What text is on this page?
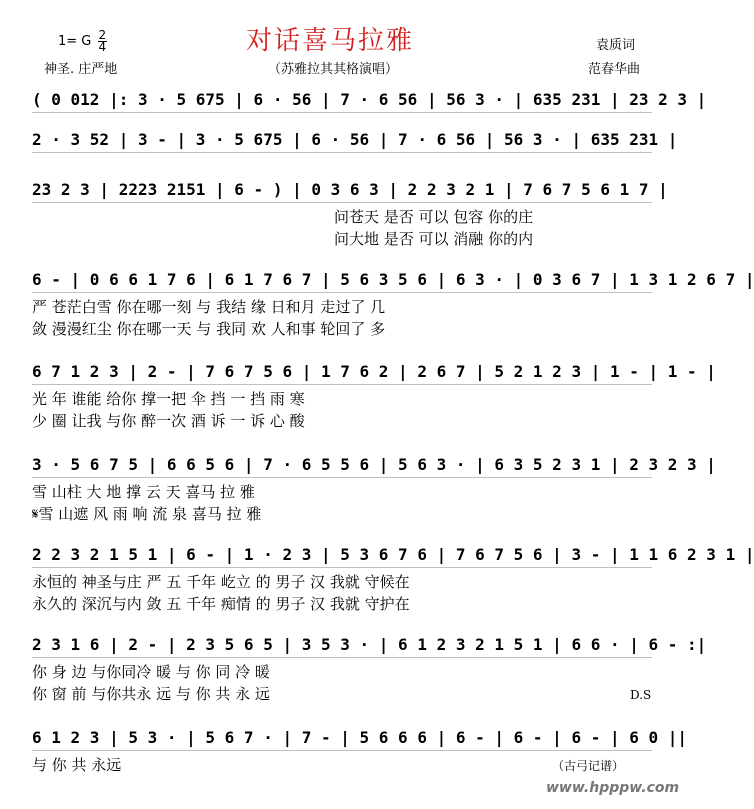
1= G $\frac{2}{4}$	对话喜马拉雅	袁质词
神圣. 庄严地	（苏雅拉其其格演唱）	范春华曲
( 0 012 |: 3 · 5 675 | 6 · 56 | 7 · 6 56 | 56 3 · | 635 231 | 23 2 3 |
2 · 3 52 | 3 - | 3 · 5 675 | 6 · 56 | 7 · 6 56 | 56 3 · | 635 231 |
23 2 3 | 2223 2151 | 6 - ) | 0 3 6 3 | 2 2 3 2 1 | 7 6 7 5 6 1 7 |
问苍天 是否 可以 包容 你的庄
问大地 是否 可以 消融 你的内
6 - | 0 6 6 1 7 6 | 6 1 7 6 7 | 5 6 3 5 6 | 6 3 · | 0 3 6 7 | 1 3 1 2 6 7 |
严 苍茫白雪 你在哪一刻 与 我结 缘 日和月 走过了 几
敛 漫漫红尘 你在哪一天 与 我同 欢 人和事 轮回了 多
6 7 1 2 3 | 2 - | 7 6 7 5 6 | 1 7 6 2 | 2 6 7 | 5 2 1 2 3 | 1 - | 1 - |
光 年 谁能 给你 撑一把 伞 挡 一 挡 雨 寒
少 圈 让我 与你 醉一次 酒 诉 一 诉 心 酸
3 · 5 6 7 5 | 6 6 5 6 | 7 · 6 5 5 6 | 5 6 3 · | 6 3 5 2 3 1 | 2 3 2 3 |
雪 山柱 大 地 撑 云 天 喜马 拉 雅
𝄋雪 山遮 风 雨 响 流 泉 喜马 拉 雅
2 2 3 2 1 5 1 | 6 - | 1 · 2 3 | 5 3 6 7 6 | 7 6 7 5 6 | 3 - | 1 1 6 2 3 1 |
永恒的 神圣与庄 严 五 千年 屹立 的 男子 汉 我就 守候在
永久的 深沉与内 敛 五 千年 痴情 的 男子 汉 我就 守护在
2 3 1 6 | 2 - | 2 3 5 6 5 | 3 5 3 · | 6 1 2 3 2 1 5 1 | 6 6 · | 6 - :|
你 身 边 与你同冷 暖 与 你 同 冷 暖
你 窗 前 与你共永 远 与 你 共 永 远
6 1 2 3 | 5 3 · | 5 6 7 · | 7 - | 5 6 6 6 | 6 - | 6 - | 6 - | 6 0 ||
与 你 共 永远
D.S
（古弓记谱）
www.hpppw.com
